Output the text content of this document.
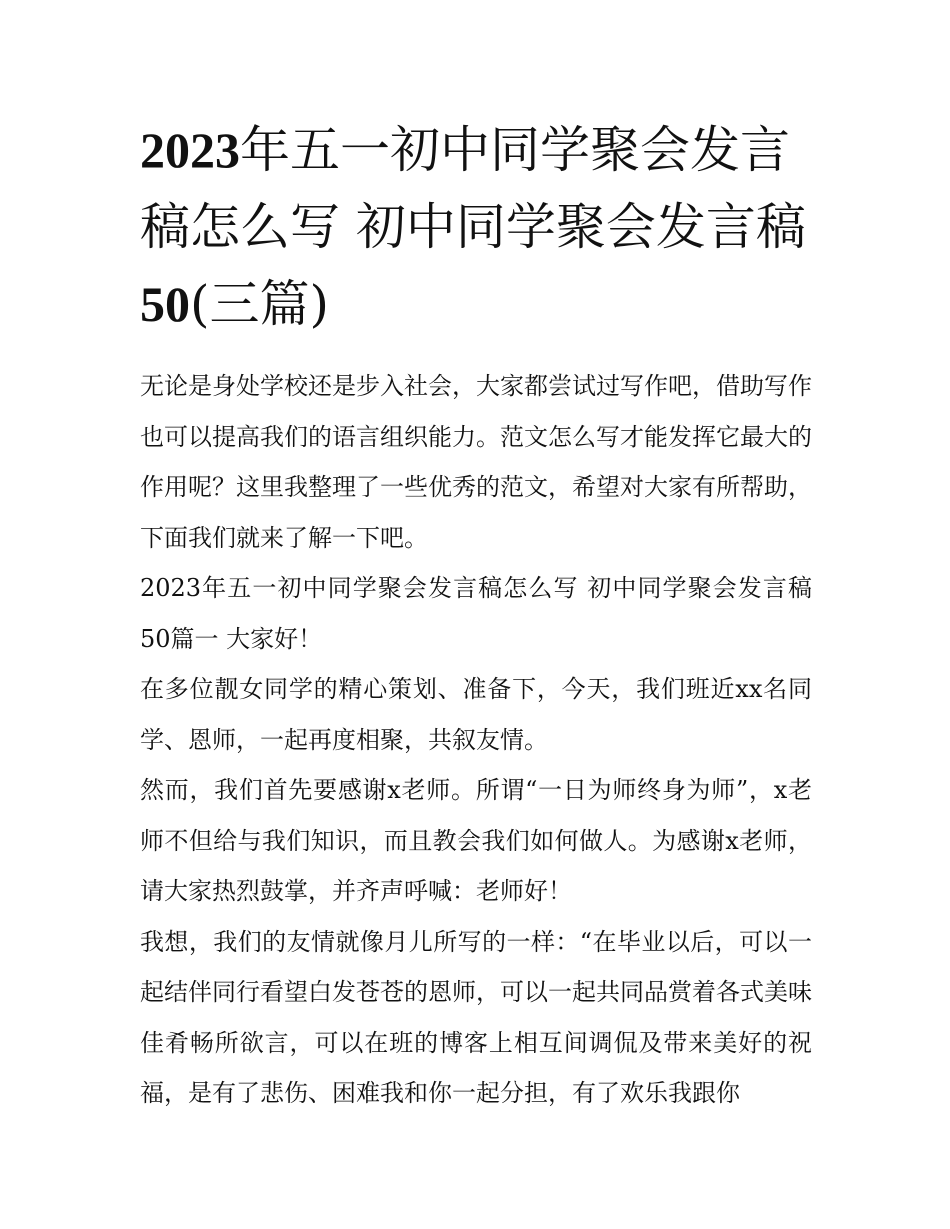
2023年五一初中同学聚会发言稿怎么写 初中同学聚会发言稿
50(三篇)

无论是身处学校还是步入社会，大家都尝试过写作吧，借助写作也可以提高我们的语言组织能力。范文怎么写才能发挥它最大的作用呢？这里我整理了一些优秀的范文，希望对大家有所帮助，下面我们就来了解一下吧。

2023年五一初中同学聚会发言稿怎么写 初中同学聚会发言稿50篇一 大家好！

在多位靓女同学的精心策划、准备下，今天，我们班近xx名同学、恩师，一起再度相聚，共叙友情。

然而，我们首先要感谢x老师。所谓“一日为师终身为师”，x老师不但给与我们知识，而且教会我们如何做人。为感谢x老师，请大家热烈鼓掌，并齐声呼喊：老师好！

我想，我们的友情就像月儿所写的一样：“在毕业以后，可以一起结伴同行看望白发苍苍的恩师，可以一起共同品赏着各式美味佳肴畅所欲言，可以在班的博客上相互间调侃及带来美好的祝福，是有了悲伤、困难我和你一起分担，有了欢乐我跟你
